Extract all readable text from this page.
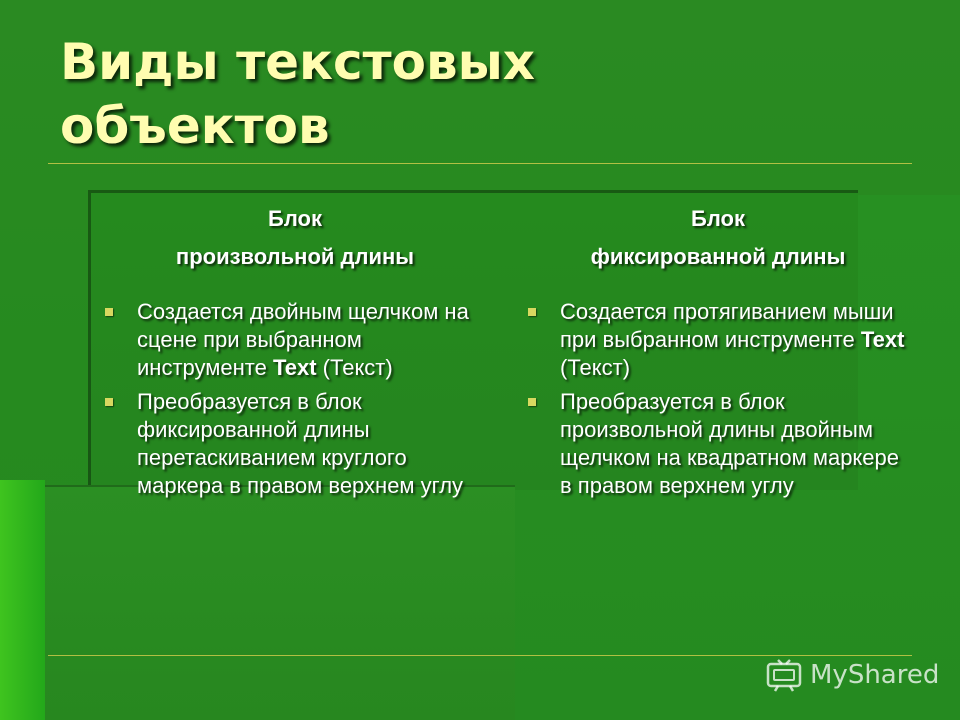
Виды текстовых
объектов
Блок
произвольной длины
Создается двойным щелчком на сцене при выбранном инструменте Text (Текст)
Преобразуется в блок фиксированной длины перетаскиванием круглого маркера в правом верхнем углу
Блок
фиксированной длины
Создается протягиванием мыши при выбранном инструменте Text (Текст)
Преобразуется в блок произвольной длины двойным щелчком на квадратном маркере в правом верхнем углу
MyShared
